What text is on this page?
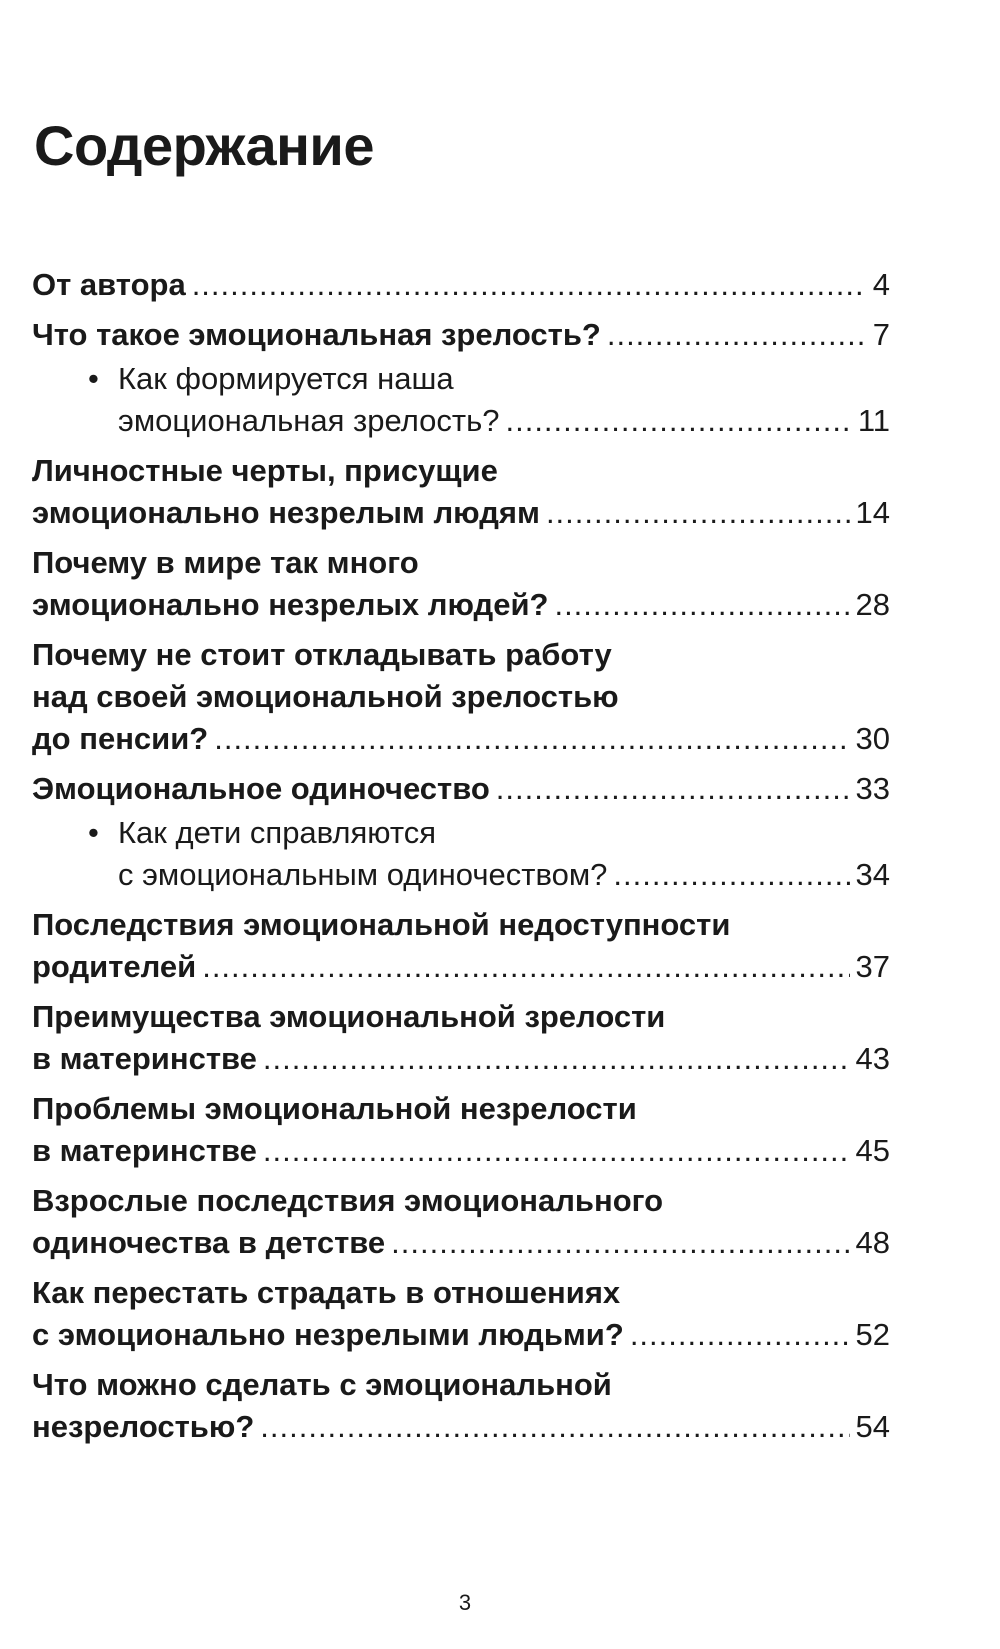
Содержание
От автора .....	4
Что такое эмоциональная зрелость? .....	7
• Как формируется наша
эмоциональная зрелость? .....	11
Личностные черты, присущие
эмоционально незрелым людям .....	14
Почему в мире так много
эмоционально незрелых людей? .....	28
Почему не стоит откладывать работу
над своей эмоциональной зрелостью
до пенсии? .....	30
Эмоциональное одиночество .....	33
• Как дети справляются
с эмоциональным одиночеством? .....	34
Последствия эмоциональной недоступности
родителей .....	37
Преимущества эмоциональной зрелости
в материнстве .....	43
Проблемы эмоциональной незрелости
в материнстве .....	45
Взрослые последствия эмоционального
одиночества в детстве .....	48
Как перестать страдать в отношениях
с эмоционально незрелыми людьми? .....	52
Что можно сделать с эмоциональной
незрелостью? .....	54
3
